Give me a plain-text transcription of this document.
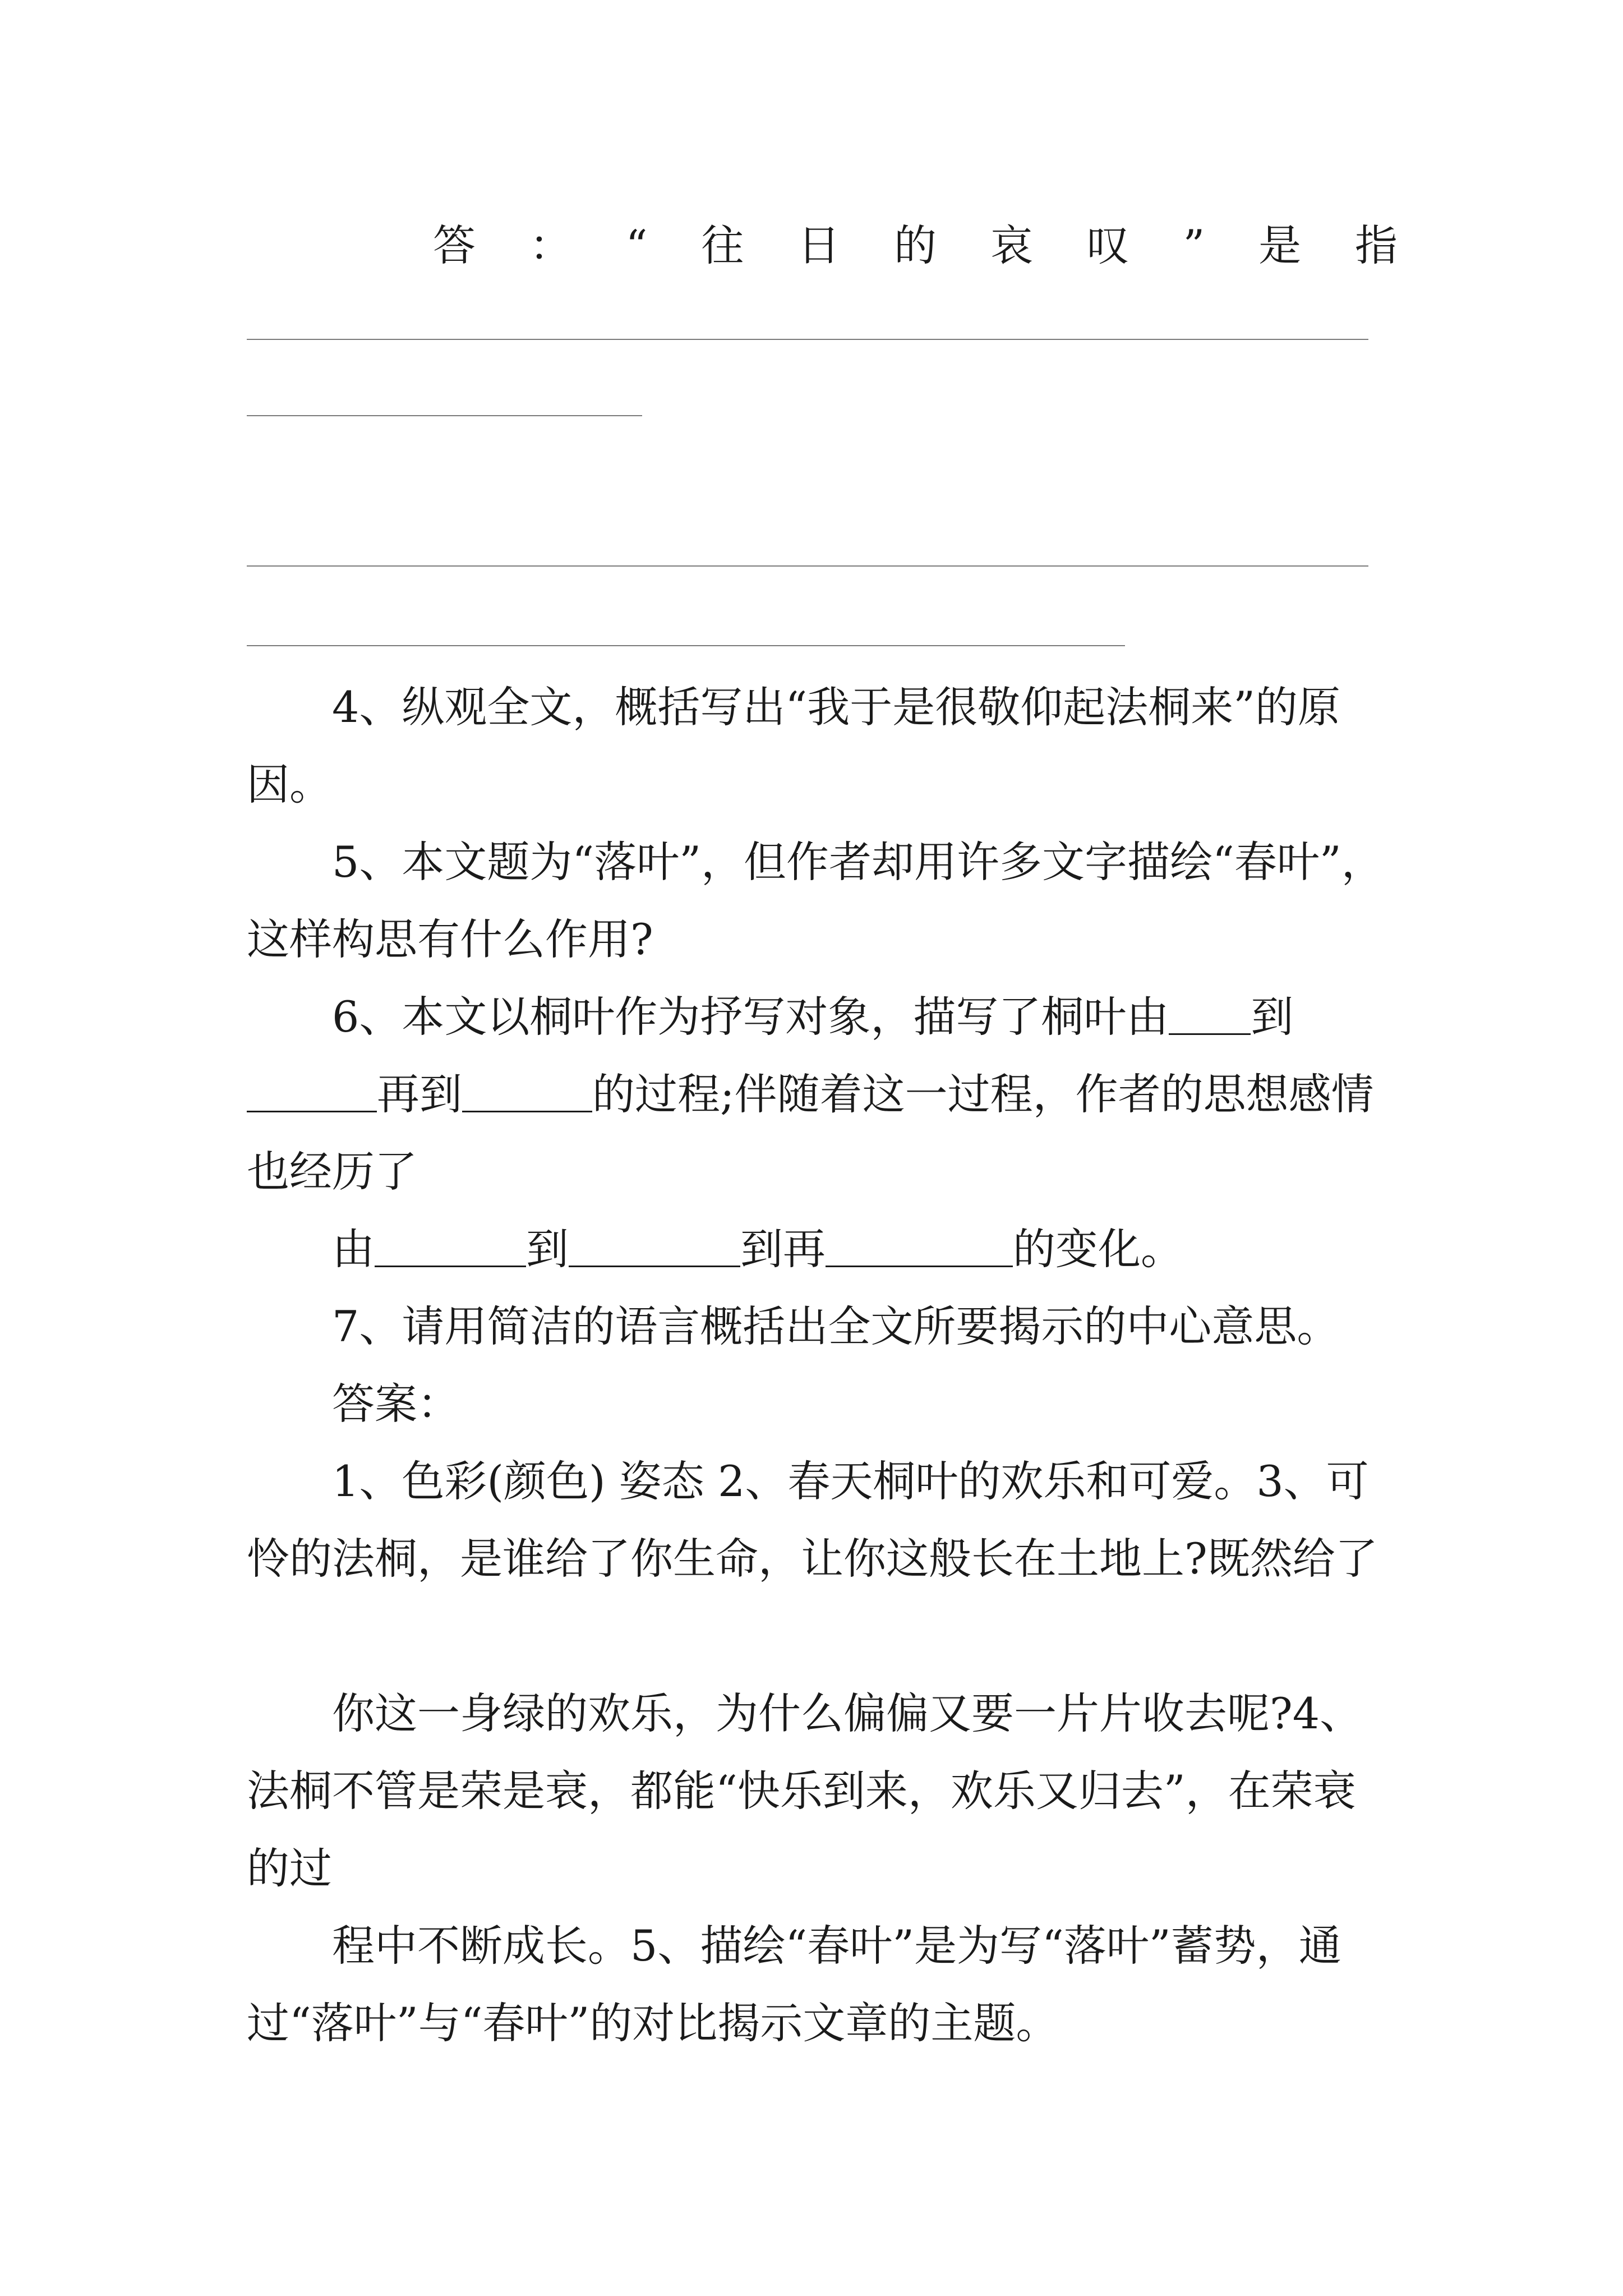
答 ： “ 往 日 的 哀 叹 ” 是 指
4、纵观全文，概括写出“我于是很敬仰起法桐来”的原因。
5、本文题为“落叶”，但作者却用许多文字描绘“春叶”，这样构思有什么作用?
6、本文以桐叶作为抒写对象，描写了桐叶由 到
再到	的过程;伴随着这一过程，作者的思想感情也经历了
由	到	到再	的变化。
7、请用简洁的语言概括出全文所要揭示的中心意思。
答案：
1、色彩(颜色) 姿态 2、春天桐叶的欢乐和可爱。3、可怜的法桐，是谁给了你生命，让你这般长在土地上?既然给了
你这一身绿的欢乐，为什么偏偏又要一片片收去呢?4、法桐不管是荣是衰，都能“快乐到来，欢乐又归去”，在荣衰的过
程中不断成长。5、描绘“春叶”是为写“落叶”蓄势，通过“落叶”与“春叶”的对比揭示文章的主题。
